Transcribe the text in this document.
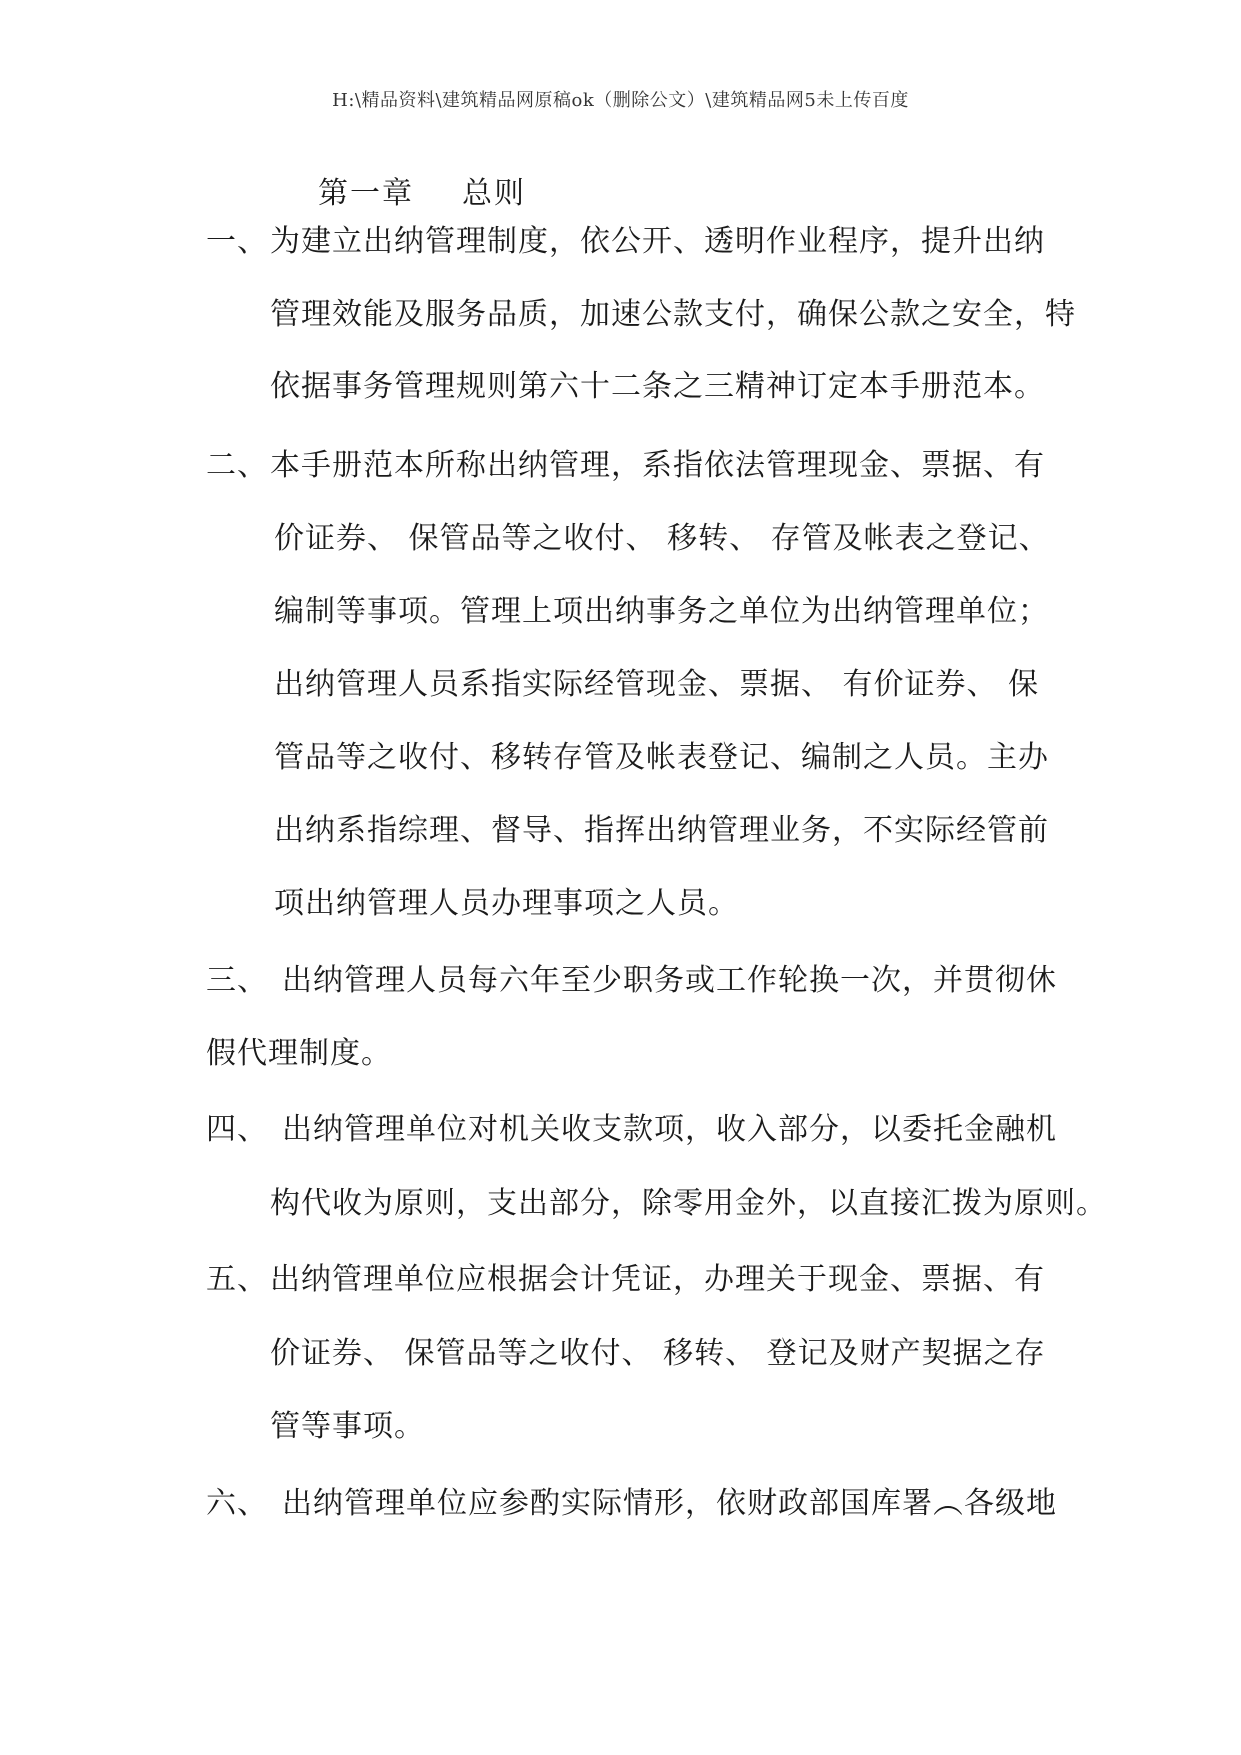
H:\精品资料\建筑精品网原稿ok（删除公文）\建筑精品网5未上传百度
第一章 总则
一、为建立出纳管理制度，依公开、透明作业程序，提升出纳
管理效能及服务品质，加速公款支付，确保公款之安全，特
依据事务管理规则第六十二条之三精神订定本手册范本。
二、本手册范本所称出纳管理，系指依法管理现金、票据、有
价证券、 保管品等之收付、 移转、 存管及帐表之登记、
编制等事项。管理上项出纳事务之单位为出纳管理单位；
出纳管理人员系指实际经管现金、票据、 有价证券、 保
管品等之收付、移转存管及帐表登记、编制之人员。主办
出纳系指综理、督导、指挥出纳管理业务，不实际经管前
项出纳管理人员办理事项之人员。
三、 出纳管理人员每六年至少职务或工作轮换一次，并贯彻休
假代理制度。
四、 出纳管理单位对机关收支款项，收入部分，以委托金融机
构代收为原则，支出部分，除零用金外，以直接汇拨为原则。
五、出纳管理单位应根据会计凭证，办理关于现金、票据、有
价证券、 保管品等之收付、 移转、 登记及财产契据之存
管等事项。
六、 出纳管理单位应参酌实际情形，依财政部国库署︵各级地
